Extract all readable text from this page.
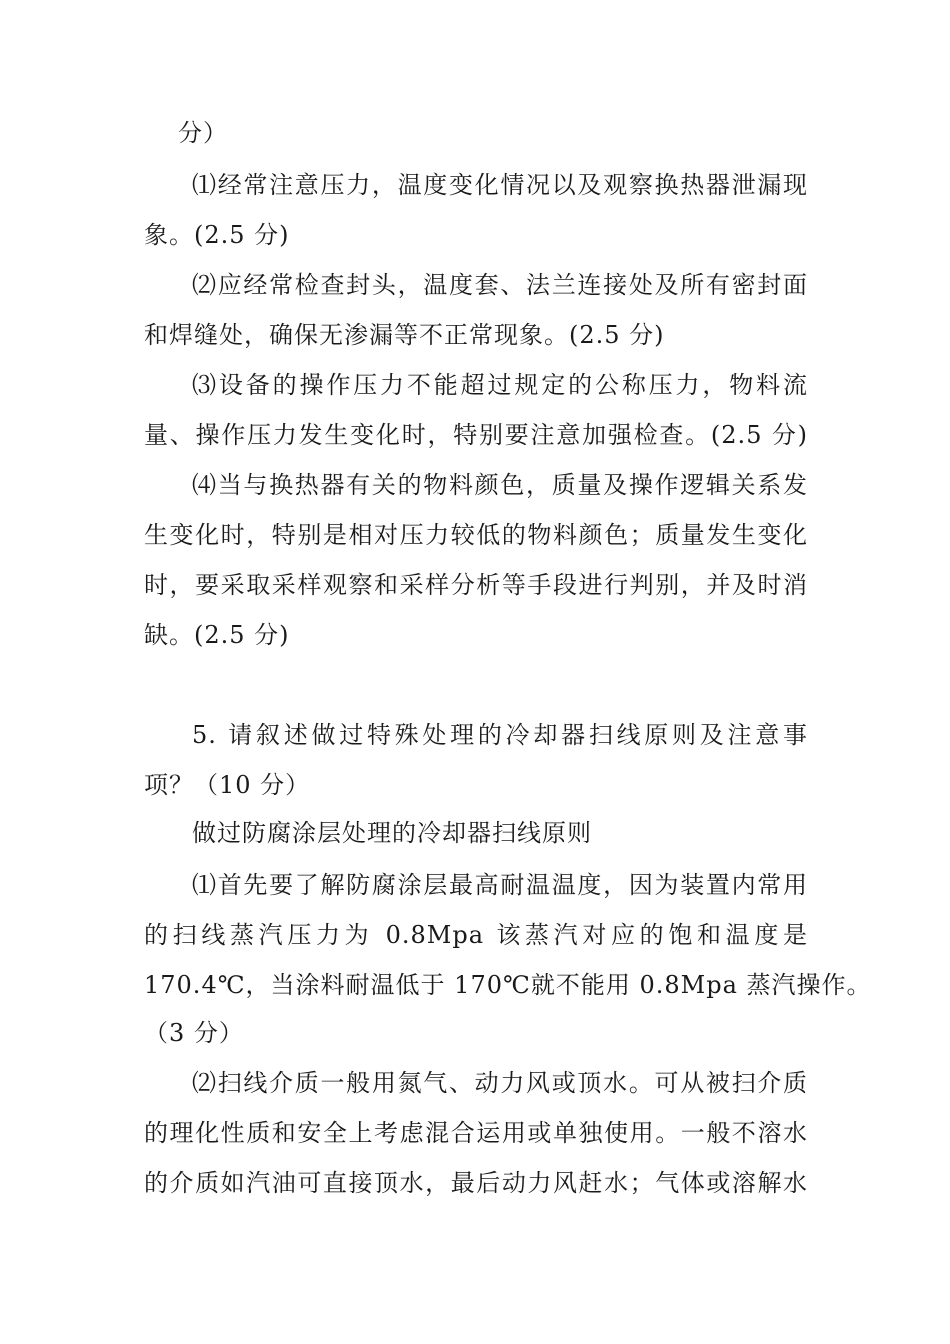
分）
⑴经常注意压力，温度变化情况以及观察换热器泄漏现
象。(2.5 分)
⑵应经常检查封头，温度套、法兰连接处及所有密封面
和焊缝处，确保无渗漏等不正常现象。(2.5 分)
⑶设备的操作压力不能超过规定的公称压力，物料流
量、操作压力发生变化时，特别要注意加强检查。(2.5 分)
⑷当与换热器有关的物料颜色，质量及操作逻辑关系发
生变化时，特别是相对压力较低的物料颜色；质量发生变化
时，要采取采样观察和采样分析等手段进行判别，并及时消
缺。(2.5 分)
5. 请叙述做过特殊处理的冷却器扫线原则及注意事
项？（10 分）
做过防腐涂层处理的冷却器扫线原则
⑴首先要了解防腐涂层最高耐温温度，因为装置内常用
的扫线蒸汽压力为 0.8Mpa 该蒸汽对应的饱和温度是
170.4℃，当涂料耐温低于 170℃就不能用 0.8Mpa 蒸汽操作。
（3 分）
⑵扫线介质一般用氮气、动力风或顶水。可从被扫介质
的理化性质和安全上考虑混合运用或单独使用。一般不溶水
的介质如汽油可直接顶水，最后动力风赶水；气体或溶解水
